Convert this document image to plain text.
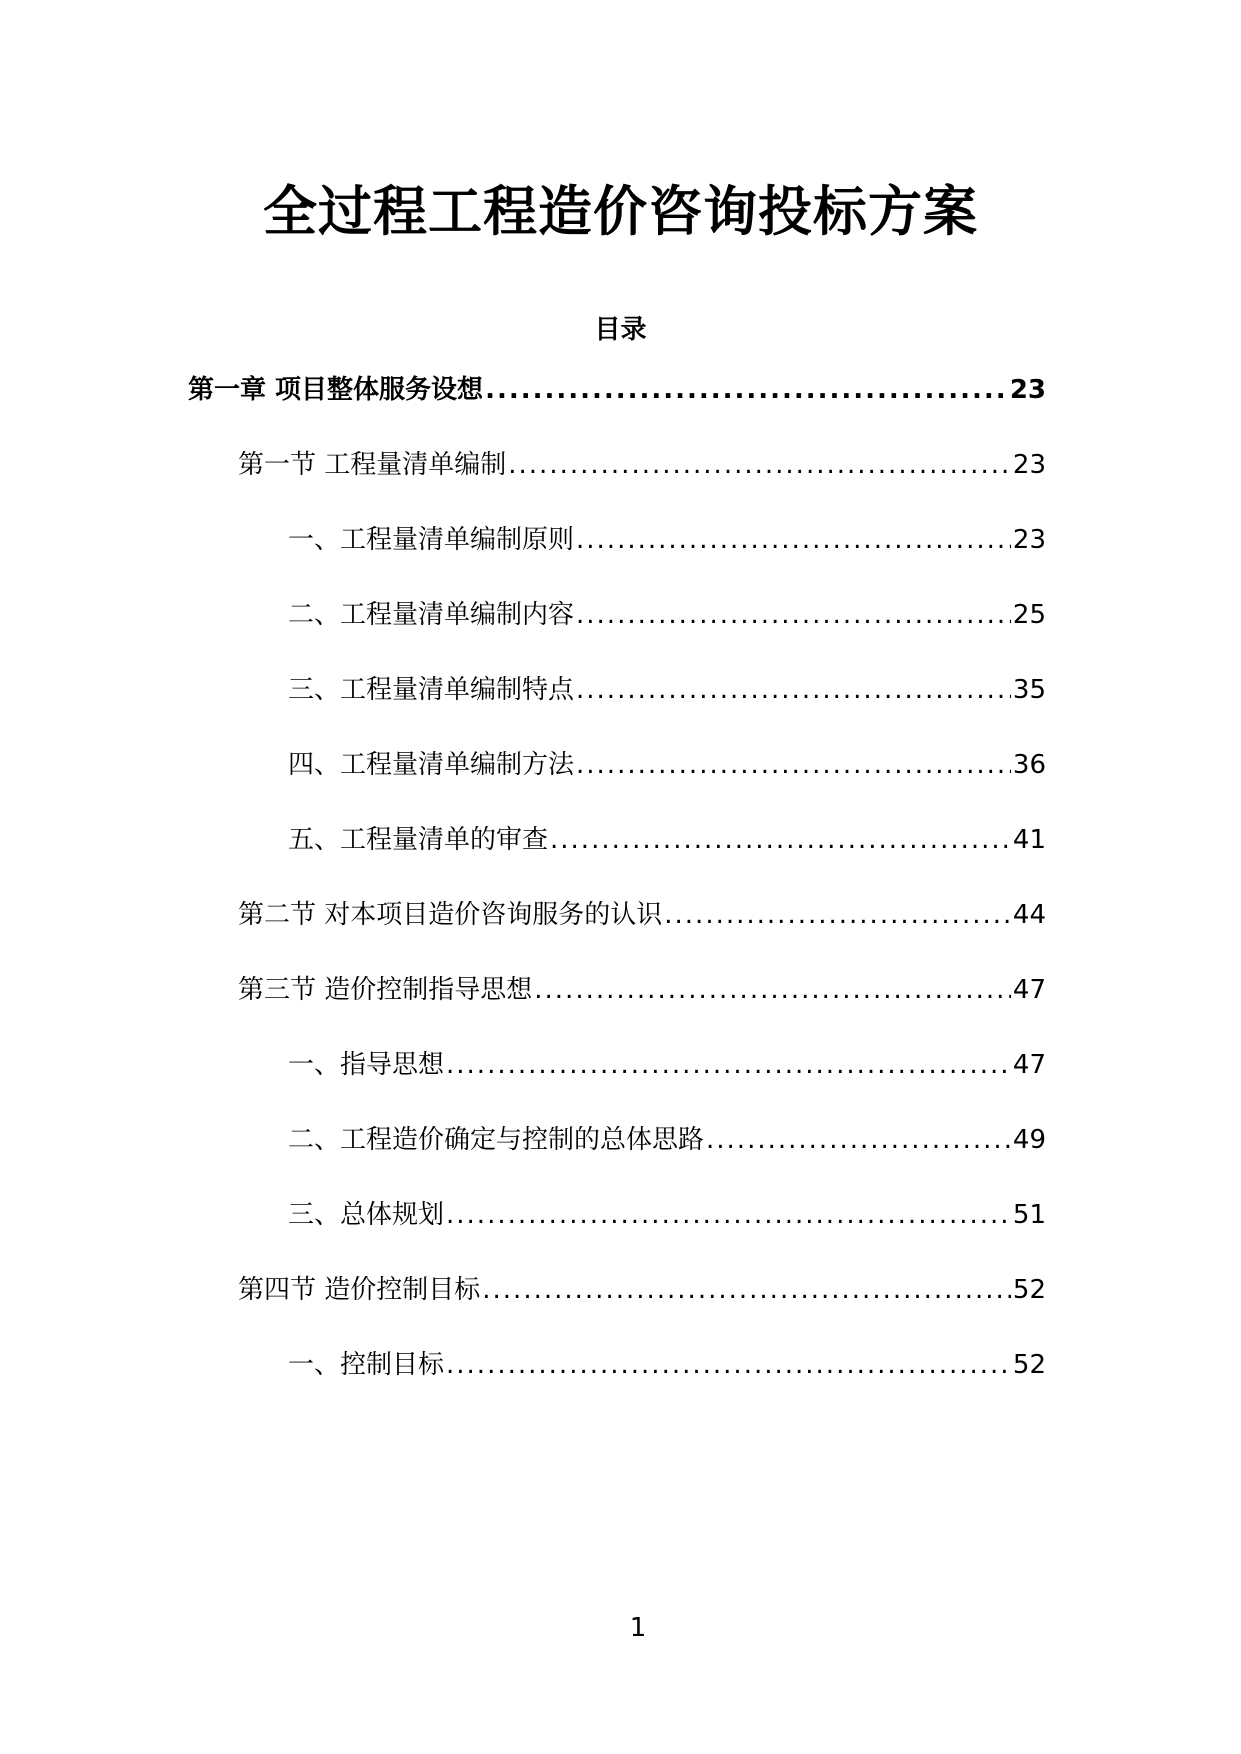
全过程工程造价咨询投标方案
目录
第一章 项目整体服务设想 .....	23
第一节 工程量清单编制 .....	23
一、工程量清单编制原则 .....	23
二、工程量清单编制内容 .....	25
三、工程量清单编制特点 .....	35
四、工程量清单编制方法 .....	36
五、工程量清单的审查 .....	41
第二节 对本项目造价咨询服务的认识 .....	44
第三节 造价控制指导思想 .....	47
一、指导思想 .....	47
二、工程造价确定与控制的总体思路 .....	49
三、总体规划 .....	51
第四节 造价控制目标 .....	52
一、控制目标 .....	52
1
